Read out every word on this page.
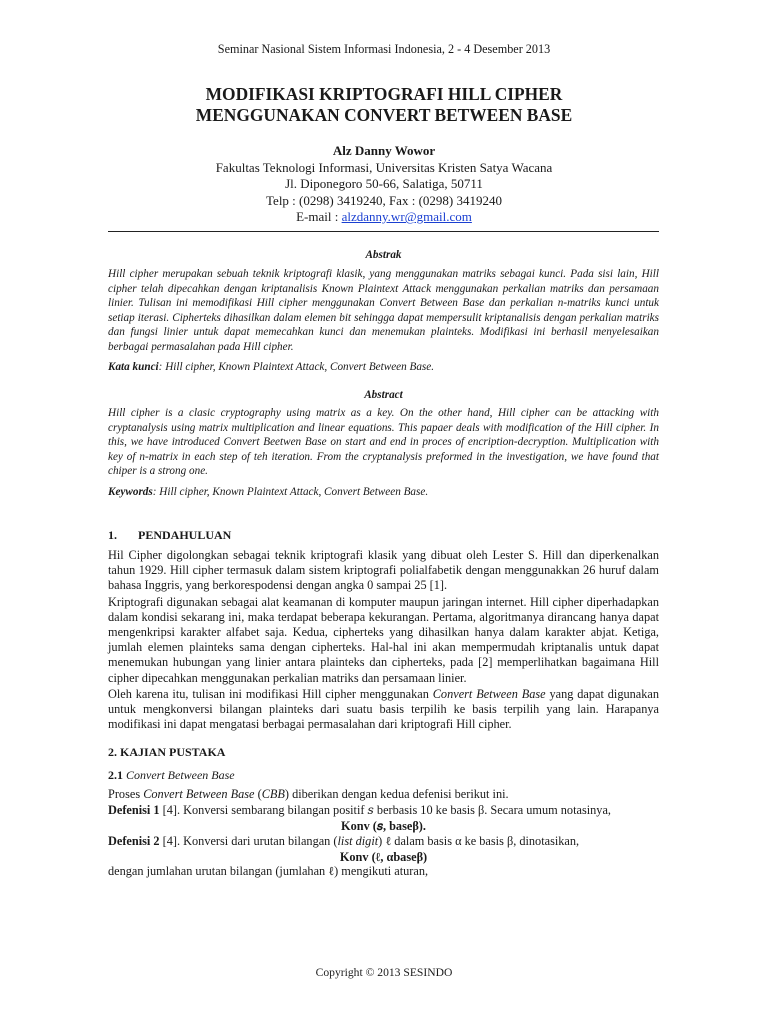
Seminar Nasional Sistem Informasi Indonesia, 2 - 4 Desember 2013
MODIFIKASI KRIPTOGRAFI HILL CIPHER
MENGGUNAKAN CONVERT BETWEEN BASE
Alz Danny Wowor
Fakultas Teknologi Informasi, Universitas Kristen Satya Wacana
Jl. Diponegoro 50-66, Salatiga, 50711
Telp : (0298) 3419240, Fax : (0298) 3419240
E-mail : alzdanny.wr@gmail.com
Abstrak
Hill cipher merupakan sebuah teknik kriptografi klasik, yang menggunakan matriks sebagai kunci. Pada sisi lain, Hill cipher telah dipecahkan dengan kriptanalisis Known Plaintext Attack menggunakan perkalian matriks dan persamaan linier. Tulisan ini memodifikasi Hill cipher menggunakan Convert Between Base dan perkalian n-matriks kunci untuk setiap iterasi. Cipherteks dihasilkan dalam elemen bit sehingga dapat mempersulit kriptanalisis dengan perkalian matriks dan fungsi linier untuk dapat memecahkan kunci dan menemukan plainteks. Modifikasi ini berhasil menyelesaikan berbagai permasalahan pada Hill cipher.
Kata kunci: Hill cipher, Known Plaintext Attack, Convert Between Base.
Abstract
Hill cipher is a clasic cryptography using matrix as a key. On the other hand, Hill cipher can be attacking with cryptanalysis using matrix multiplication and linear equations. This papaer deals with modification of the Hill cipher. In this, we have introduced Convert Beetwen Base on start and end in proces of encription-decryption. Multiplication with key of n-matrix in each step of teh iteration. From the cryptanalysis preformed in the investigation, we have found that chiper is a strong one.
Keywords: Hill cipher, Known Plaintext Attack, Convert Between Base.
1.       PENDAHULUAN

Hil Cipher digolongkan sebagai teknik kriptografi klasik yang dibuat oleh Lester S. Hill dan diperkenalkan tahun 1929. Hill cipher termasuk dalam sistem kriptografi polialfabetik dengan menggunakkan 26 huruf dalam bahasa Inggris, yang berkorespodensi dengan angka 0 sampai 25 [1].

Kriptografi digunakan sebagai alat keamanan di komputer maupun jaringan internet. Hill cipher diperhadapkan dalam kondisi sekarang ini, maka terdapat beberapa kekurangan. Pertama, algoritmanya dirancang hanya dapat mengenkripsi karakter alfabet saja. Kedua, cipherteks yang dihasilkan hanya dalam karakter abjat. Ketiga, jumlah elemen plainteks sama dengan cipherteks. Hal-hal ini akan mempermudah kriptanalis untuk dapat menemukan hubungan yang linier antara plainteks dan cipherteks, pada [2] memperlihatkan bagaimana Hill cipher dipecahkan menggunakan perkalian matriks dan persamaan linier.

Oleh karena itu, tulisan ini modifikasi Hill cipher menggunakan Convert Between Base yang dapat digunakan untuk mengkonversi bilangan plainteks dari suatu basis terpilih ke basis terpilih yang lain. Harapanya modifikasi ini dapat mengatasi berbagai permasalahan dari kriptografi Hill cipher.

2. KAJIAN PUSTAKA
2.1 Convert Between Base
Proses Convert Between Base (CBB) diberikan dengan kedua defenisi berikut ini.
Defenisi 1 [4]. Konversi sembarang bilangan positif 𝑠 berbasis 10 ke basis β. Secara umum notasinya,
Konv (𝑠, baseβ).
Defenisi 2 [4]. Konversi dari urutan bilangan (list digit) ℓ dalam basis α ke basis β, dinotasikan,
Konv (ℓ, αbaseβ)
dengan jumlahan urutan bilangan (jumlahan ℓ) mengikuti aturan,
Copyright © 2013 SESINDO
